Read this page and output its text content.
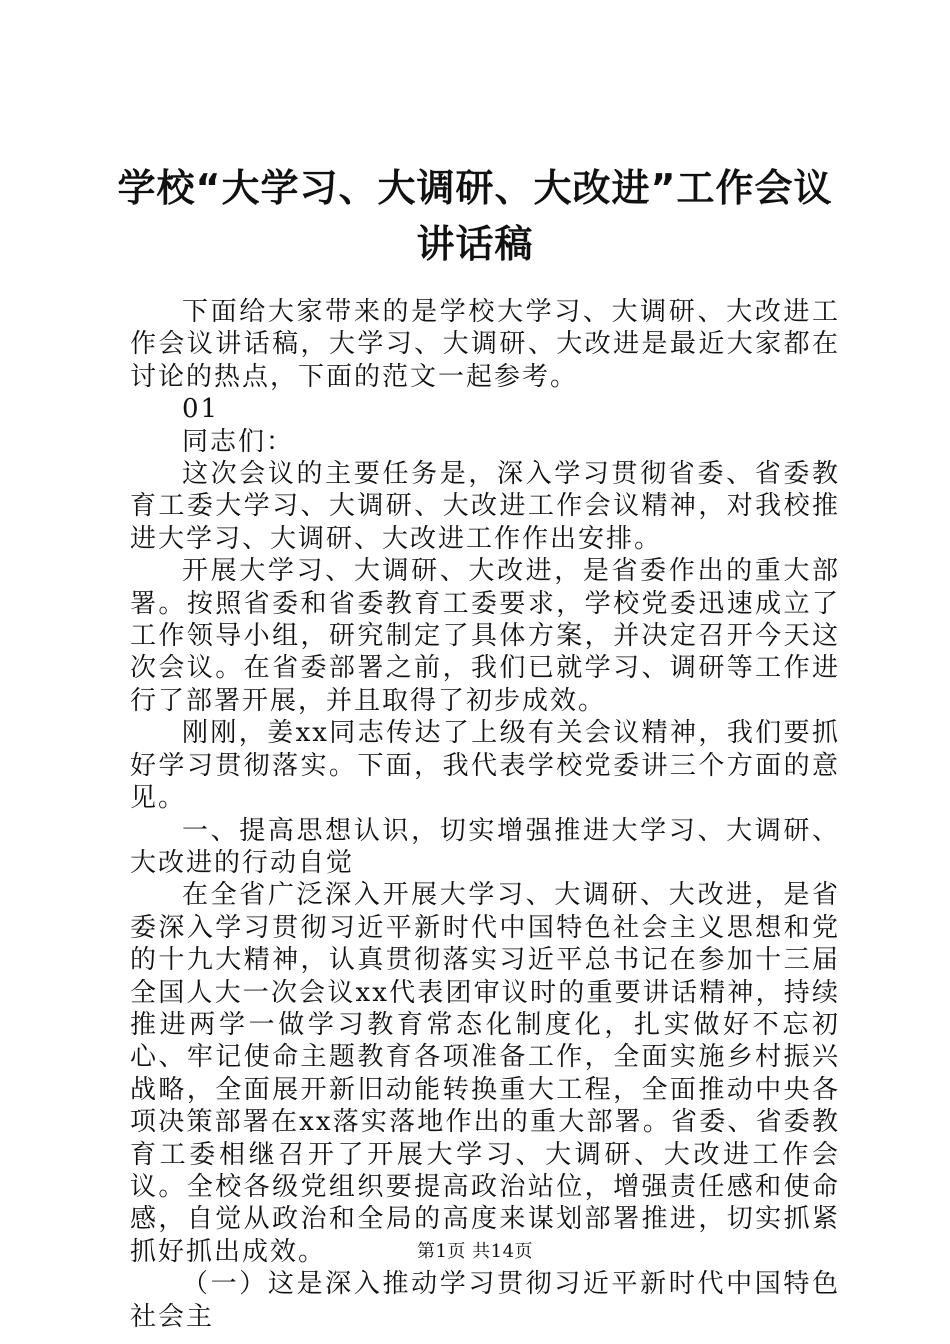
学校“大学习、大调研、大改进”工作会议讲话稿

下面给大家带来的是学校大学习、大调研、大改进工作会议讲话稿，大学习、大调研、大改进是最近大家都在讨论的热点，下面的范文一起参考。

01

同志们：

这次会议的主要任务是，深入学习贯彻省委、省委教育工委大学习、大调研、大改进工作会议精神，对我校推进大学习、大调研、大改进工作作出安排。

开展大学习、大调研、大改进，是省委作出的重大部署。按照省委和省委教育工委要求，学校党委迅速成立了工作领导小组，研究制定了具体方案，并决定召开今天这次会议。在省委部署之前，我们已就学习、调研等工作进行了部署开展，并且取得了初步成效。

刚刚，姜xx同志传达了上级有关会议精神，我们要抓好学习贯彻落实。下面，我代表学校党委讲三个方面的意见。

一、提高思想认识，切实增强推进大学习、大调研、大改进的行动自觉

在全省广泛深入开展大学习、大调研、大改进，是省委深入学习贯彻习近平新时代中国特色社会主义思想和党的十九大精神，认真贯彻落实习近平总书记在参加十三届全国人大一次会议xx代表团审议时的重要讲话精神，持续推进两学一做学习教育常态化制度化，扎实做好不忘初心、牢记使命主题教育各项准备工作，全面实施乡村振兴战略，全面展开新旧动能转换重大工程，全面推动中央各项决策部署在xx落实落地作出的重大部署。省委、省委教育工委相继召开了开展大学习、大调研、大改进工作会议。全校各级党组织要提高政治站位，增强责任感和使命感，自觉从政治和全局的高度来谋划部署推进，切实抓紧抓好抓出成效。

（一）这是深入推动学习贯彻习近平新时代中国特色社会主

第1页 共14页
